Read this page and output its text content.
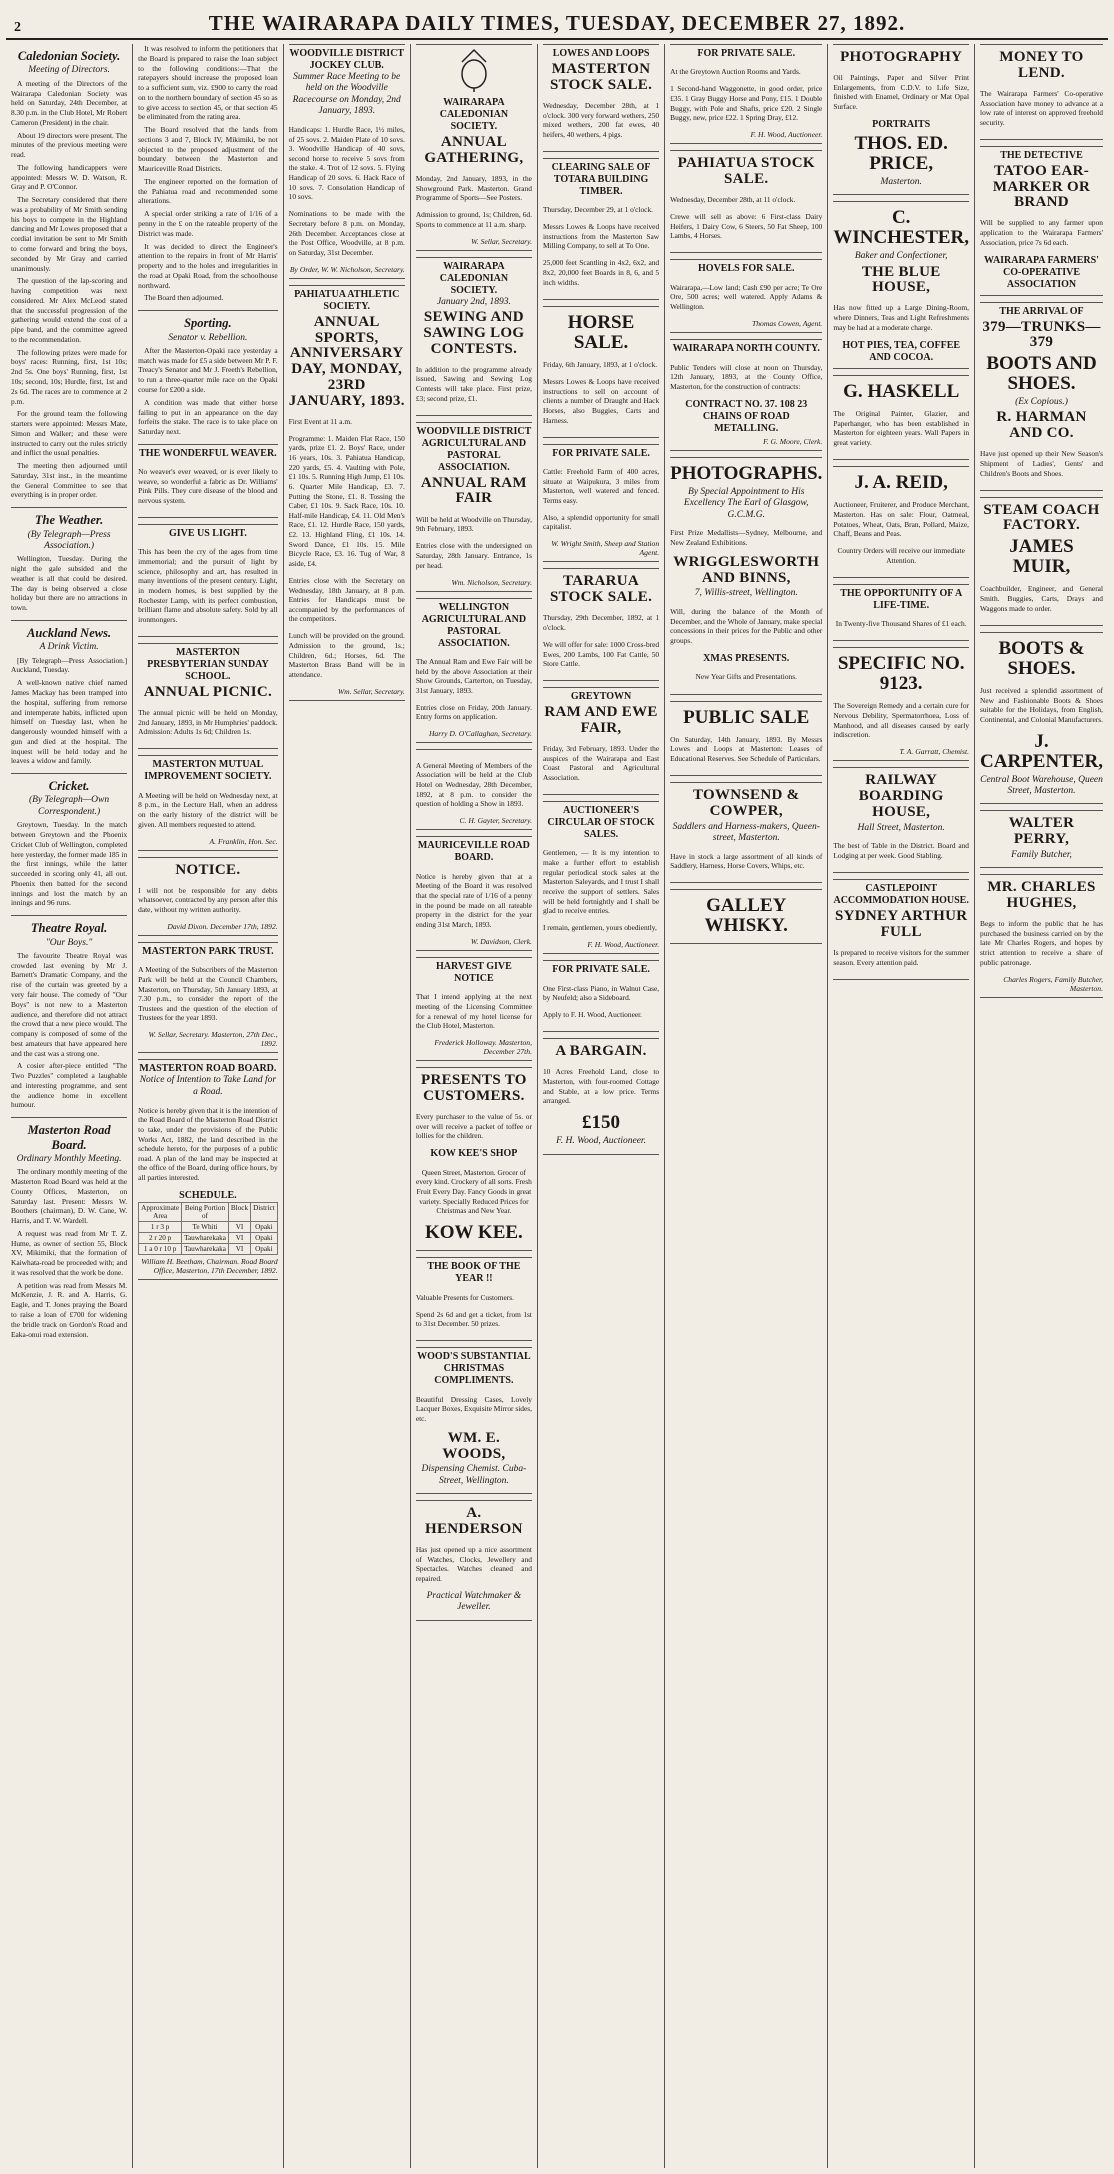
2	THE WAIRARAPA DAILY TIMES, TUESDAY, DECEMBER 27, 1892.
Caledonian Society.
Meeting of Directors.

A meeting of the Directors of the Wairarapa Caledonian Society was held on Saturday, 24th December, at 8.30 p.m. in the Club Hotel, Mr Robert Cameron (President) in the chair.

About 19 directors were present. The minutes of the previous meeting were read.

The following handicappers were appointed: Messrs W. D. Watson, R. Gray and P. O'Connor.

The Secretary considered that there was a probability of Mr Smith sending his boys to compete in the Highland dancing and Mr Lowes proposed that a cordial invitation be sent to Mr Smith to come forward and bring the boys, seconded by Mr Gray and carried unanimously.

The question of the lap-scoring and having competition was next considered. Mr Alex McLeod stated that the successful progression of the gathering would extend the cost of a pipe band, and the committee agreed to the recommendation.

The following prizes were made for boys' races: Running, first, 1st 10s; 2nd 5s. One boys' Running, first, 1st 10s; second, 10s; Hurdle, first, 1st and 2s 6d. The races are to commence at 2 p.m.

For the ground team the following starters were appointed: Messrs Mate, Simon and Walker; and these were instructed to carry out the rules strictly and inflict the usual penalties.

The meeting then adjourned until Saturday, 31st inst., in the meantime the General Committee to see that everything is in proper order.

The Weather.
(By Telegraph—Press Association.)

Wellington, Tuesday. During the night the gale subsided and the weather is all that could be desired. The day is being observed a close holiday but there are no attractions in town.

Auckland News.
A Drink Victim.

[By Telegraph—Press Association.] Auckland, Tuesday.

A well-known native chief named James Mackay has been tramped into the hospital, suffering from remorse and intemperate habits, inflicted upon himself on Tuesday last, when he dangerously wounded himself with a gun and died at the hospital. The inquest will be held today and he leaves a widow and family.

Cricket.
(By Telegraph—Own Correspondent.)

Greytown, Tuesday. In the match between Greytown and the Phoenix Cricket Club of Wellington, completed here yesterday, the former made 185 in the first innings, while the latter succeeded in scoring only 41, all out. Phoenix then batted for the second innings and lost the match by an innings and 96 runs.

Theatre Royal.
"Our Boys."

The favourite Theatre Royal was crowded last evening by Mr J. Barnett's Dramatic Company, and the rise of the curtain was greeted by a very fair house. The comedy of "Our Boys" is not new to a Masterton audience, and therefore did not attract the crowd that a new piece would. The company is composed of some of the best amateurs that have appeared here and the cast was a strong one.

A cosier after-piece entitled "The Two Puzzles" completed a laughable and interesting programme, and sent the audience home in excellent humour.

Masterton Road Board.
Ordinary Monthly Meeting.

The ordinary monthly meeting of the Masterton Road Board was held at the County Offices, Masterton, on Saturday last. Present: Messrs W. Boothers (chairman), D. W. Cane, W. Harris, and T. W. Wardell.

A request was read from Mr T. Z. Hume, as owner of section 55, Block XV, Mikimiki, that the formation of Kaiwhata-road be proceeded with; and it was resolved that the work be done.

A petition was read from Messrs M. McKenzie, J. R. and A. Harris, G. Eagle, and T. Jones praying the Board to raise a loan of £700 for widening the bridle track on Gordon's Road and Eaka-onui road extension.

It was resolved to inform the petitioners that the Board is prepared to raise the loan subject to the following conditions:—That the ratepayers should increase the proposed loan to a sufficient sum, viz. £900 to carry the road on to the northern boundary of section 45 so as to give access to section 45, or that section 45 be eliminated from the rating area.

The Board resolved that the lands from sections 3 and 7, Block IV, Mikimiki, be not objected to the proposed adjustment of the boundary between the Masterton and Mauriceville Road Districts.

The engineer reported on the formation of the Pahiatua road and recommended some alterations.

A special order striking a rate of 1/16 of a penny in the £ on the rateable property of the District was made.

It was decided to direct the Engineer's attention to the repairs in front of Mr Harris' property and to the holes and irregularities in the road at Opaki Road, from the schoolhouse northward.

The Board then adjourned.

Sporting.
Senator v. Rebellion.

After the Masterton-Opaki race yesterday a match was made for £5 a side between Mr P. F. Treacy's Senator and Mr J. Freeth's Rebellion, to run a three-quarter mile race on the Opaki course for £200 a side.

A condition was made that either horse failing to put in an appearance on the day forfeits the stake. The race is to take place on Saturday next.

THE WONDERFUL WEAVER.

No weaver's ever weaved, or is ever likely to weave, so wonderful a fabric as Dr. Williams' Pink Pills. They cure disease of the blood and nervous system.

GIVE US LIGHT.

This has been the cry of the ages from time immemorial; and the pursuit of light by science, philosophy and art, has resulted in many inventions of the present century. Light, in modern homes, is best supplied by the Rochester Lamp, with its perfect combustion, brilliant flame and absolute safety. Sold by all ironmongers.

MASTERTON PRESBYTERIAN SUNDAY SCHOOL.
ANNUAL PICNIC.

The annual picnic will be held on Monday, 2nd January, 1893, in Mr Humphries' paddock. Admission: Adults 1s 6d; Children 1s.

MASTERTON MUTUAL IMPROVEMENT SOCIETY.

A Meeting will be held on Wednesday next, at 8 p.m., in the Lecture Hall, when an address on the early history of the district will be given. All members requested to attend.

A. Franklin, Hon. Sec.
NOTICE.

I will not be responsible for any debts whatsoever, contracted by any person after this date, without my written authority.

David Dixon. December 17th, 1892.
MASTERTON PARK TRUST.

A Meeting of the Subscribers of the Masterton Park will be held at the Council Chambers, Masterton, on Thursday, 5th January 1893, at 7.30 p.m., to consider the report of the Trustees and the question of the election of Trustees for the year 1893.

W. Sellar, Secretary. Masterton, 27th Dec., 1892.
MASTERTON ROAD BOARD.
Notice of Intention to Take Land for a Road.

Notice is hereby given that it is the intention of the Road Board of the Masterton Road District to take, under the provisions of the Public Works Act, 1882, the land described in the schedule hereto, for the purposes of a public road. A plan of the land may be inspected at the office of the Board, during office hours, by all parties interested.

SCHEDULE.
Approximate Area	Being Portion of	Block	District
1 r 3 p	Te Whiti	VI	Opaki
2 r 20 p	Tauwharekaka	VI	Opaki
1 a 0 r 10 p	Tauwharekaka	VI	Opaki
William H. Beetham, Chairman. Road Board Office, Masterton, 17th December, 1892.
WOODVILLE DISTRICT JOCKEY CLUB.
Summer Race Meeting to be held on the Woodville Racecourse on Monday, 2nd January, 1893.

Handicaps: 1. Hurdle Race, 1½ miles, of 25 sovs. 2. Maiden Plate of 10 sovs. 3. Woodville Handicap of 40 sovs, second horse to receive 5 sovs from the stake. 4. Trot of 12 sovs. 5. Flying Handicap of 20 sovs. 6. Hack Race of 10 sovs. 7. Consolation Handicap of 10 sovs.

Nominations to be made with the Secretary before 8 p.m. on Monday, 26th December. Acceptances close at the Post Office, Woodville, at 8 p.m. on Saturday, 31st December.

By Order, W. W. Nicholson, Secretary.
PAHIATUA ATHLETIC SOCIETY.
ANNUAL SPORTS, ANNIVERSARY DAY, MONDAY, 23RD JANUARY, 1893.

First Event at 11 a.m.

Programme: 1. Maiden Flat Race, 150 yards, prize £1. 2. Boys' Race, under 16 years, 10s. 3. Pahiatua Handicap, 220 yards, £5. 4. Vaulting with Pole, £1 10s. 5. Running High Jump, £1 10s. 6. Quarter Mile Handicap, £3. 7. Putting the Stone, £1. 8. Tossing the Caber, £1 10s. 9. Sack Race, 10s. 10. Half-mile Handicap, £4. 11. Old Men's Race, £1. 12. Hurdle Race, 150 yards, £2. 13. Highland Fling, £1 10s. 14. Sword Dance, £1 10s. 15. Mile Bicycle Race, £3. 16. Tug of War, 8 aside, £4.

Entries close with the Secretary on Wednesday, 18th January, at 8 p.m. Entries for Handicaps must be accompanied by the performances of the competitors.

Lunch will be provided on the ground. Admission to the ground, 1s.; Children, 6d.; Horses, 6d. The Masterton Brass Band will be in attendance.

Wm. Sellar, Secretary.
WAIRARAPA CALEDONIAN SOCIETY.
ANNUAL GATHERING,

Monday, 2nd January, 1893, in the Showground Park. Masterton. Grand Programme of Sports—See Posters.

Admission to ground, 1s; Children, 6d. Sports to commence at 11 a.m. sharp.

W. Sellar, Secretary.
WAIRARAPA CALEDONIAN SOCIETY.
January 2nd, 1893.
SEWING AND SAWING LOG CONTESTS.

In addition to the programme already issued, Sawing and Sewing Log Contests will take place. First prize, £3; second prize, £1.

WOODVILLE DISTRICT AGRICULTURAL AND PASTORAL ASSOCIATION.
ANNUAL RAM FAIR

Will be held at Woodville on Thursday, 9th February, 1893.

Entries close with the undersigned on Saturday, 28th January. Entrance, 1s per head.

Wm. Nicholson, Secretary.
WELLINGTON AGRICULTURAL AND PASTORAL ASSOCIATION.

The Annual Ram and Ewe Fair will be held by the above Association at their Show Grounds, Carterton, on Tuesday, 31st January, 1893.

Entries close on Friday, 20th January. Entry forms on application.

Harry D. O'Callaghan, Secretary.

A General Meeting of Members of the Association will be held at the Club Hotel on Wednesday, 28th December, 1892, at 8 p.m. to consider the question of holding a Show in 1893.

C. H. Gayter, Secretary.
MAURICEVILLE ROAD BOARD.

Notice is hereby given that at a Meeting of the Board it was resolved that the special rate of 1/16 of a penny in the pound be made on all rateable property in the district for the year ending 31st March, 1893.

W. Davidson, Clerk.
HARVEST GIVE NOTICE

That I intend applying at the next meeting of the Licensing Committee for a renewal of my hotel license for the Club Hotel, Masterton.

Frederick Holloway. Masterton, December 27th.
PRESENTS TO CUSTOMERS.

Every purchaser to the value of 5s. or over will receive a packet of toffee or lollies for the children.

KOW KEE'S SHOP

Queen Street, Masterton. Grocer of every kind. Crockery of all sorts. Fresh Fruit Every Day. Fancy Goods in great variety. Specially Reduced Prices for Christmas and New Year.

KOW KEE.
THE BOOK OF THE YEAR !!

Valuable Presents for Customers.

Spend 2s 6d and get a ticket, from 1st to 31st December. 50 prizes.

WOOD'S SUBSTANTIAL CHRISTMAS COMPLIMENTS.

Beautiful Dressing Cases, Lovely Lacquer Boxes, Exquisite Mirror sides, etc.

WM. E. WOODS,
Dispensing Chemist. Cuba-Street, Wellington.
A. HENDERSON

Has just opened up a nice assortment of Watches, Clocks, Jewellery and Spectacles. Watches cleaned and repaired.

Practical Watchmaker & Jeweller.
LOWES AND LOOPS
MASTERTON STOCK SALE.

Wednesday, December 28th, at 1 o'clock. 300 very forward wethers, 250 mixed wethers, 200 fat ewes, 40 heifers, 40 wethers, 4 pigs.

CLEARING SALE OF TOTARA BUILDING TIMBER.

Thursday, December 29, at 1 o'clock.

Messrs Lowes & Loops have received instructions from the Masterton Saw Milling Company, to sell at To One.

25,000 feet Scantling in 4x2, 6x2, and 8x2, 20,000 feet Boards in 8, 6, and 5 inch widths.

HORSE SALE.

Friday, 6th January, 1893, at 1 o'clock.

Messrs Lowes & Loops have received instructions to sell on account of clients a number of Draught and Hack Horses, also Buggies, Carts and Harness.

FOR PRIVATE SALE.

Cattle: Freehold Farm of 400 acres, situate at Waipukura, 3 miles from Masterton, well watered and fenced. Terms easy.

Also, a splendid opportunity for small capitalist.

W. Wright Smith, Sheep and Station Agent.
TARARUA STOCK SALE.

Thursday, 29th December, 1892, at 1 o'clock.

We will offer for sale: 1000 Cross-bred Ewes, 200 Lambs, 100 Fat Cattle, 50 Store Cattle.

GREYTOWN
RAM AND EWE FAIR,

Friday, 3rd February, 1893. Under the auspices of the Wairarapa and East Coast Pastoral and Agricultural Association.

AUCTIONEER'S CIRCULAR OF STOCK SALES.

Gentlemen, — It is my intention to make a further effort to establish regular periodical stock sales at the Masterton Saleyards, and I trust I shall receive the support of settlers. Sales will be held fortnightly and I shall be glad to receive entries.

I remain, gentlemen, yours obediently,

F. H. Wood, Auctioneer.
FOR PRIVATE SALE.

One First-class Piano, in Walnut Case, by Neufeld; also a Sideboard.

Apply to F. H. Wood, Auctioneer.

A BARGAIN.

10 Acres Freehold Land, close to Masterton, with four-roomed Cottage and Stable, at a low price. Terms arranged.

£150
F. H. Wood, Auctioneer.
FOR PRIVATE SALE.

At the Greytown Auction Rooms and Yards.

1 Second-hand Waggonette, in good order, price £35. 1 Gray Buggy Horse and Pony, £15. 1 Double Buggy, with Pole and Shafts, price £20. 2 Single Buggy, new, price £22. 1 Spring Dray, £12.

F. H. Wood, Auctioneer.
PAHIATUA STOCK SALE.

Wednesday, December 28th, at 11 o'clock.

Crewe will sell as above: 6 First-class Dairy Heifers, 1 Dairy Cow, 6 Steers, 50 Fat Sheep, 100 Lambs, 4 Horses.

HOVELS FOR SALE.

Wairarapa,—Low land; Cash £90 per acre; Te Ore Ore, 500 acres; well watered. Apply Adams & Wellington.

Thomas Cowen, Agent.
WAIRARAPA NORTH COUNTY.

Public Tenders will close at noon on Thursday, 12th January, 1893, at the County Office, Masterton, for the construction of contracts:

CONTRACT NO. 37. 108 23 CHAINS OF ROAD METALLING.
F. G. Moore, Clerk.
PHOTOGRAPHS.
By Special Appointment to His Excellency The Earl of Glasgow, G.C.M.G.

First Prize Medallists—Sydney, Melbourne, and New Zealand Exhibitions.

WRIGGLESWORTH AND BINNS,
7, Willis-street, Wellington.

Will, during the balance of the Month of December, and the Whole of January, make special concessions in their prices for the Public and other groups.

XMAS PRESENTS.

New Year Gifts and Presentations.

PUBLIC SALE

On Saturday, 14th January, 1893. By Messrs Lowes and Loops at Masterton: Leases of Educational Reserves. See Schedule of Particulars.

TOWNSEND & COWPER,
Saddlers and Harness-makers, Queen-street, Masterton.

Have in stock a large assortment of all kinds of Saddlery, Harness, Horse Covers, Whips, etc.

GALLEY WHISKY.
PHOTOGRAPHY

Oil Paintings, Paper and Silver Print Enlargements, from C.D.V. to Life Size, finished with Enamel, Ordinary or Mat Opal Surface.

PORTRAITS
THOS. ED. PRICE,
Masterton.
C. WINCHESTER,
Baker and Confectioner,
THE BLUE HOUSE,

Has now fitted up a Large Dining-Room, where Dinners, Teas and Light Refreshments may be had at a moderate charge.

HOT PIES, TEA, COFFEE AND COCOA.
G. HASKELL

The Original Painter, Glazier, and Paperhanger, who has been established in Masterton for eighteen years. Wall Papers in great variety.

J. A. REID,

Auctioneer, Fruiterer, and Produce Merchant, Masterton. Has on sale: Flour, Oatmeal, Potatoes, Wheat, Oats, Bran, Pollard, Maize, Chaff, Beans and Peas.

Country Orders will receive our immediate Attention.

THE OPPORTUNITY OF A LIFE-TIME.

In Twenty-five Thousand Shares of £1 each.

SPECIFIC NO. 9123.

The Sovereign Remedy and a certain cure for Nervous Debility, Spermatorrhoea, Loss of Manhood, and all diseases caused by early indiscretion.

T. A. Garratt, Chemist.
RAILWAY BOARDING HOUSE,
Hall Street, Masterton.

The best of Table in the District. Board and Lodging at per week. Good Stabling.

CASTLEPOINT ACCOMMODATION HOUSE.
SYDNEY ARTHUR FULL

Is prepared to receive visitors for the summer season. Every attention paid.

MONEY TO LEND.

The Wairarapa Farmers' Co-operative Association have money to advance at a low rate of interest on approved freehold security.

THE DETECTIVE
TATOO EAR-MARKER OR BRAND

Will be supplied to any farmer upon application to the Wairarapa Farmers' Association, price 7s 6d each.

WAIRARAPA FARMERS' CO-OPERATIVE ASSOCIATION
THE ARRIVAL OF
379—TRUNKS—379
BOOTS AND SHOES.
(Ex Copious.)
R. HARMAN AND CO.

Have just opened up their New Season's Shipment of Ladies', Gents' and Children's Boots and Shoes.

STEAM COACH FACTORY.
JAMES MUIR,

Coachbuilder, Engineer, and General Smith. Buggies, Carts, Drays and Waggons made to order.

BOOTS & SHOES.

Just received a splendid assortment of New and Fashionable Boots & Shoes suitable for the Holidays, from English, Continental, and Colonial Manufacturers.

J. CARPENTER,
Central Boot Warehouse, Queen Street, Masterton.
WALTER PERRY,
Family Butcher,
MR. CHARLES HUGHES,

Begs to inform the public that he has purchased the business carried on by the late Mr Charles Rogers, and hopes by strict attention to receive a share of public patronage.

Charles Rogers, Family Butcher, Masterton.
